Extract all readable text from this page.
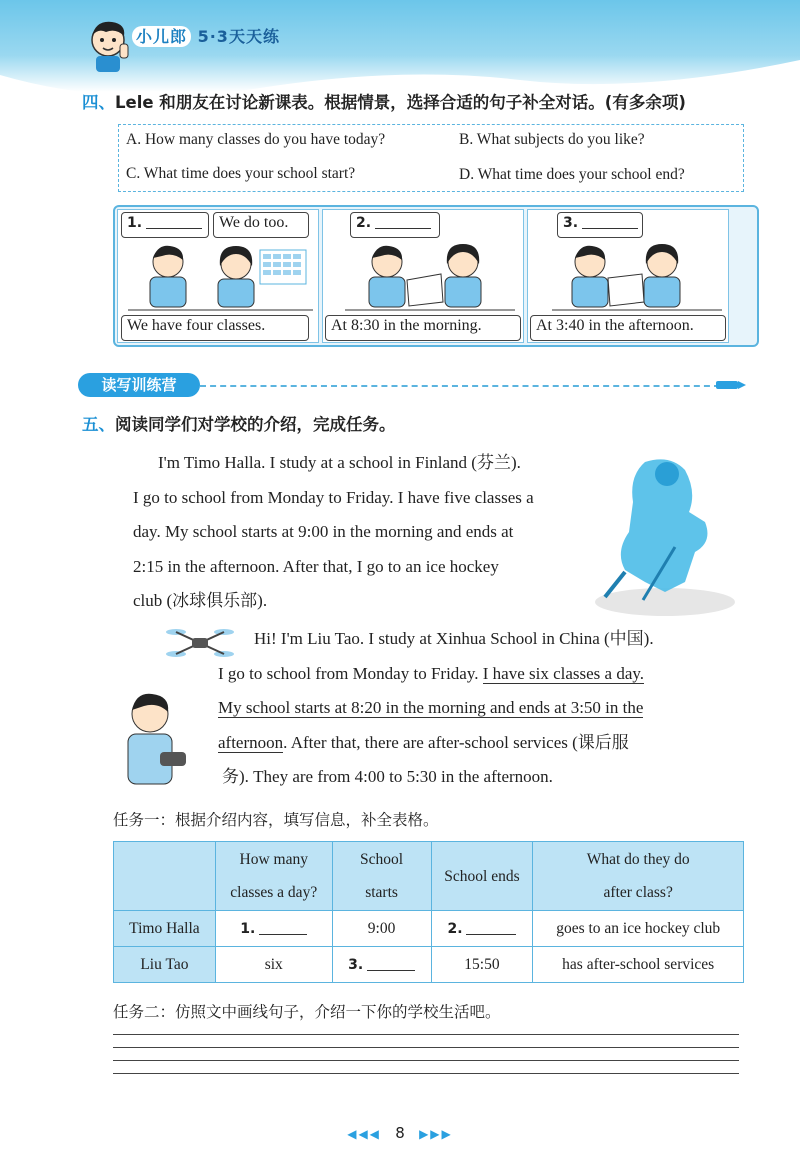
小儿郎 5·3天天练
四、Lele 和朋友在讨论新课表。根据情景，选择合适的句子补全对话。(有多余项)
A. How many classes do you have today?	B. What subjects do you like?
C. What time does your school start?	D. What time does your school end?
1.	We do too.
We have four classes.
2.
At 8:30 in the morning.
3.
At 3:40 in the afternoon.
读写训练营
五、阅读同学们对学校的介绍，完成任务。

I'm Timo Halla. I study at a school in Finland (芬兰).

I go to school from Monday to Friday. I have five classes a

day. My school starts at 9:00 in the morning and ends at

2:15 in the afternoon. After that, I go to an ice hockey

club (冰球俱乐部).

Hi! I'm Liu Tao. I study at Xinhua School in China (中国).

I go to school from Monday to Friday. I have six classes a day.

My school starts at 8:20 in the morning and ends at 3:50 in the

afternoon. After that, there are after-school services (课后服

务). They are from 4:00 to 5:30 in the afternoon.

任务一：根据介绍内容，填写信息，补全表格。
	How many
classes a day?	School
starts	School ends	What do they do
after class?
Timo Halla	1.	9:00	2.	goes to an ice hockey club
Liu Tao	six	3.	15:50	has after-school services
任务二：仿照文中画线句子，介绍一下你的学校生活吧。
◀◀◀ 8 ▶▶▶
